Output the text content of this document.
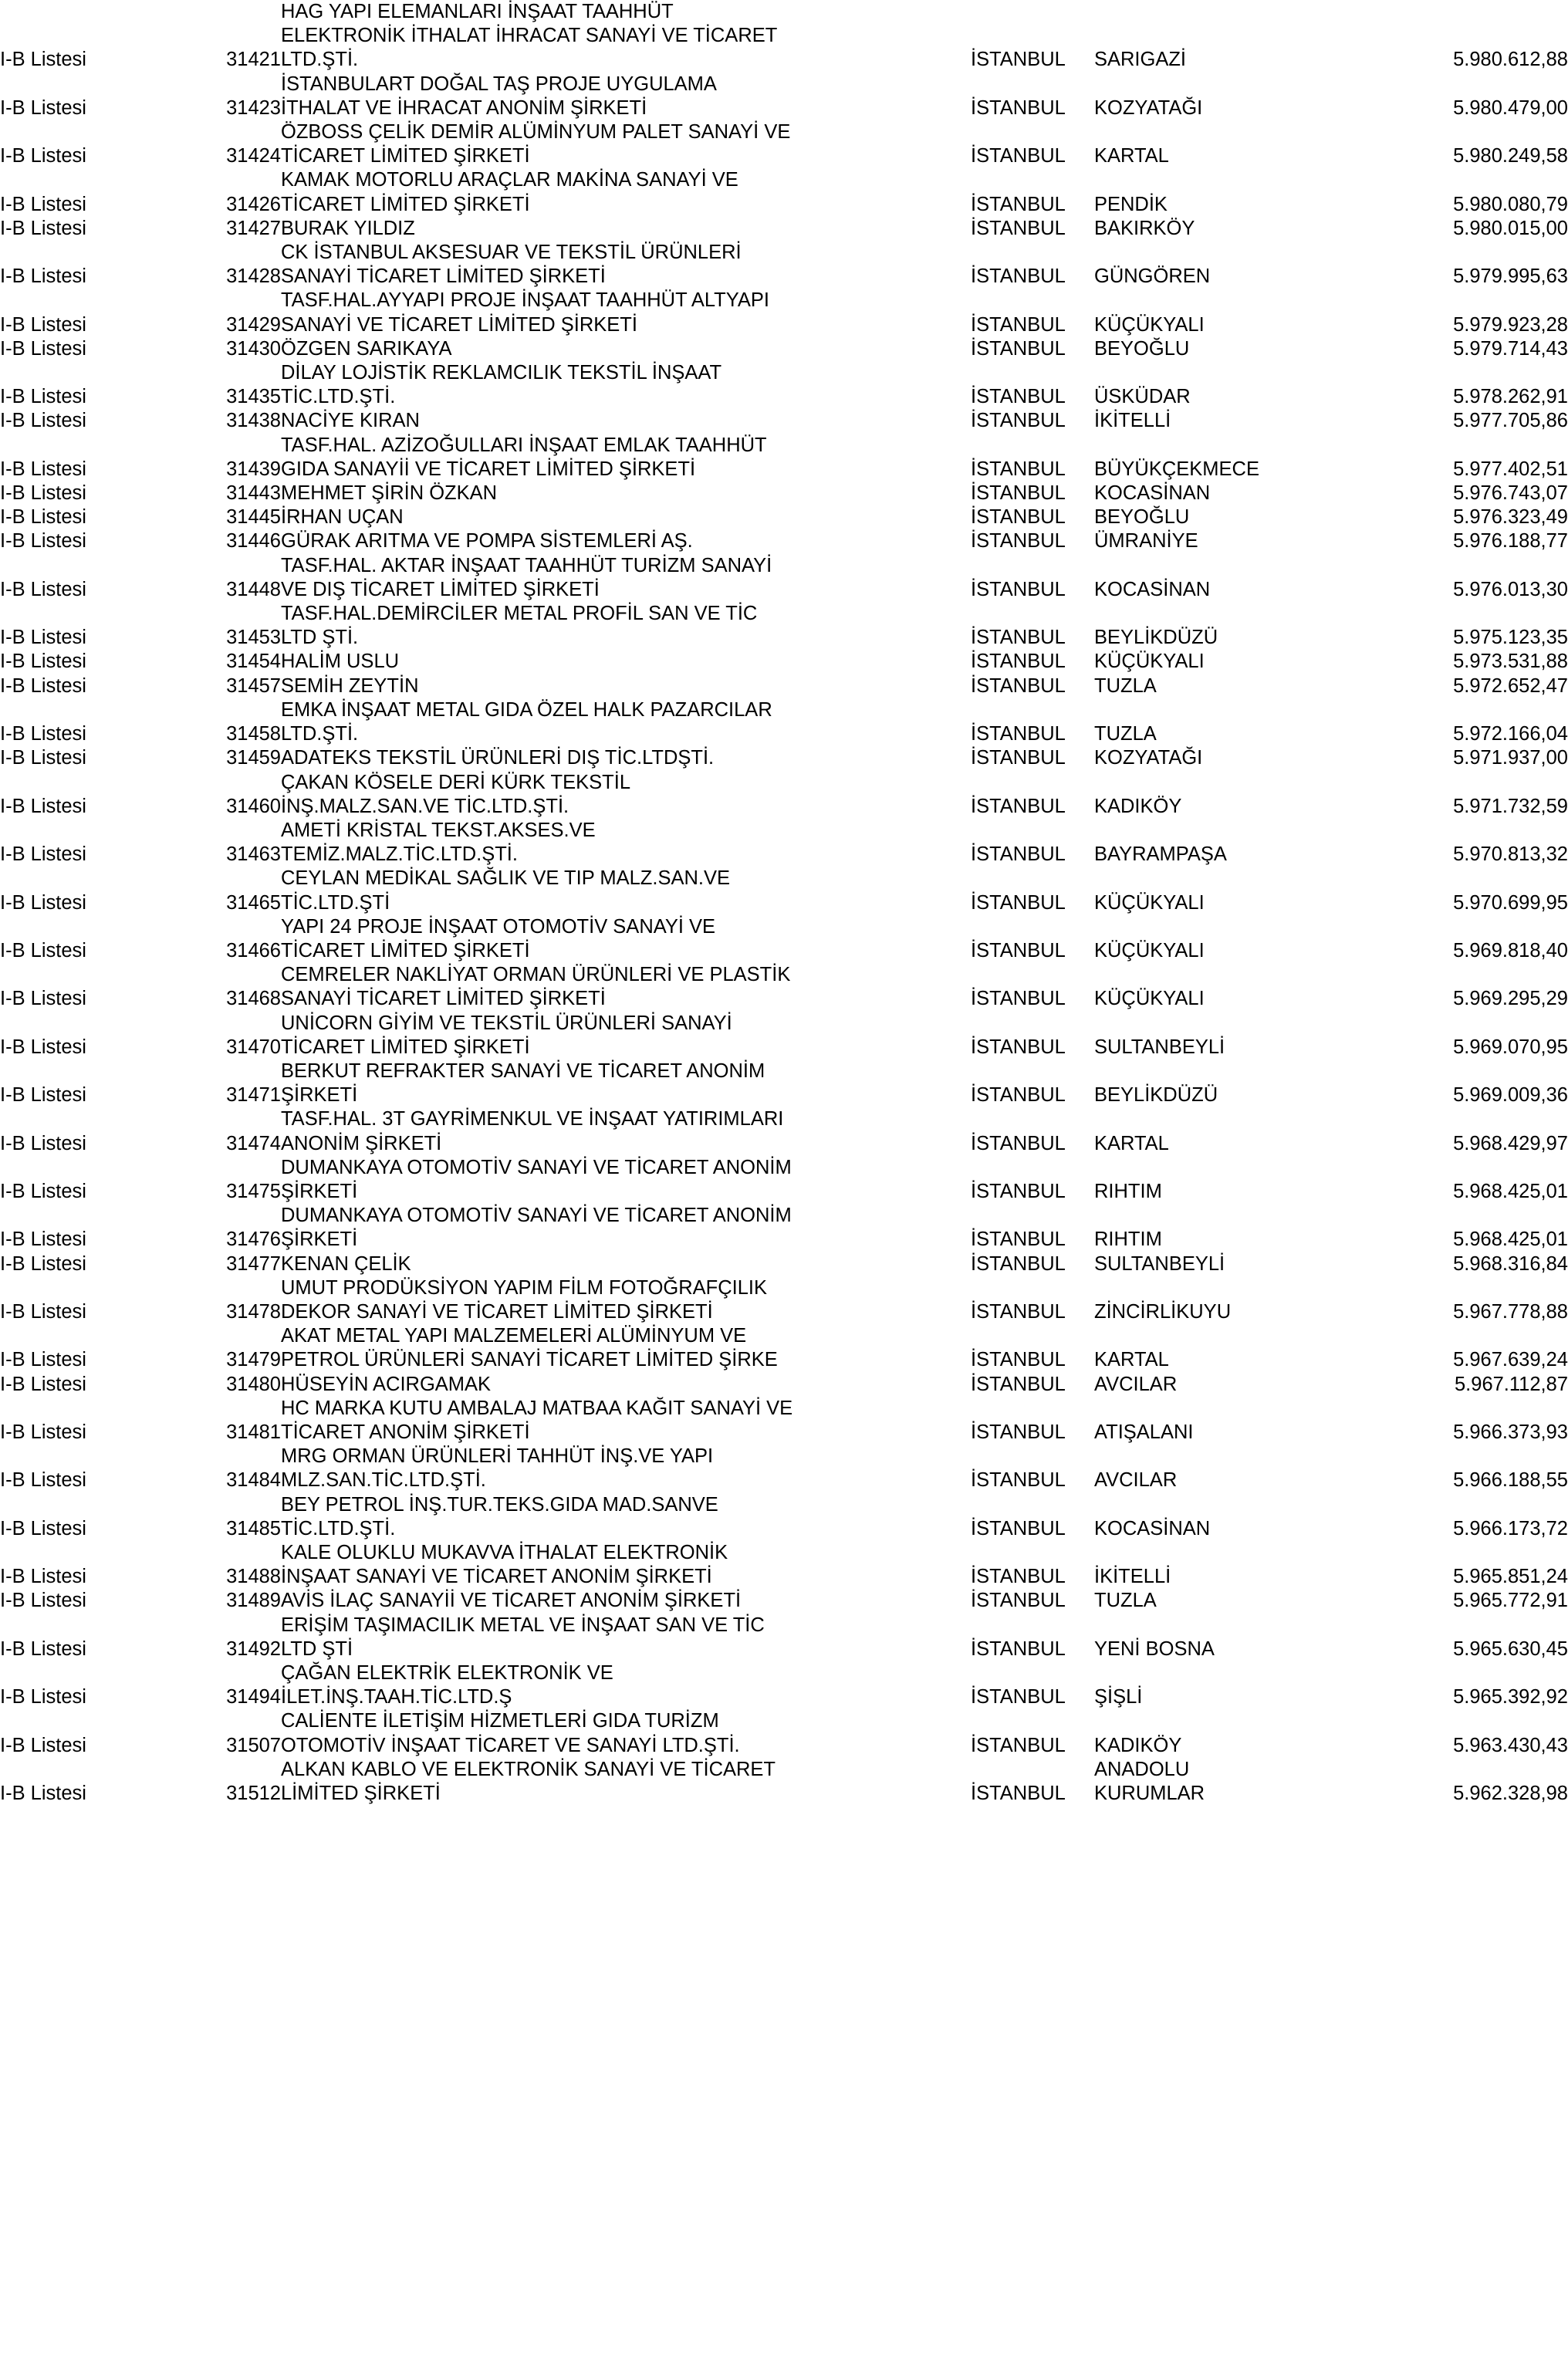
I-B Listesi	31421	HAG YAPI ELEMANLARI İNŞAAT TAAHHÜT
ELEKTRONİK İTHALAT İHRACAT SANAYİ VE TİCARET
LTD.ŞTİ.	İSTANBUL	SARIGAZİ	5.980.612,88
I-B Listesi	31423	İSTANBULART DOĞAL TAŞ PROJE UYGULAMA
İTHALAT VE İHRACAT ANONİM ŞİRKETİ	İSTANBUL	KOZYATAĞI	5.980.479,00
I-B Listesi	31424	ÖZBOSS ÇELİK DEMİR ALÜMİNYUM PALET SANAYİ VE
TİCARET LİMİTED ŞİRKETİ	İSTANBUL	KARTAL	5.980.249,58
I-B Listesi	31426	KAMAK MOTORLU ARAÇLAR MAKİNA SANAYİ VE
TİCARET LİMİTED ŞİRKETİ	İSTANBUL	PENDİK	5.980.080,79
I-B Listesi	31427	BURAK YILDIZ	İSTANBUL	BAKIRKÖY	5.980.015,00
I-B Listesi	31428	CK İSTANBUL AKSESUAR VE TEKSTİL ÜRÜNLERİ
SANAYİ TİCARET LİMİTED ŞİRKETİ	İSTANBUL	GÜNGÖREN	5.979.995,63
I-B Listesi	31429	TASF.HAL.AYYAPI PROJE İNŞAAT TAAHHÜT ALTYAPI
SANAYİ VE TİCARET LİMİTED ŞİRKETİ	İSTANBUL	KÜÇÜKYALI	5.979.923,28
I-B Listesi	31430	ÖZGEN SARIKAYA	İSTANBUL	BEYOĞLU	5.979.714,43
I-B Listesi	31435	DİLAY LOJİSTİK REKLAMCILIK TEKSTİL İNŞAAT
TİC.LTD.ŞTİ.	İSTANBUL	ÜSKÜDAR	5.978.262,91
I-B Listesi	31438	NACİYE KIRAN	İSTANBUL	İKİTELLİ	5.977.705,86
I-B Listesi	31439	TASF.HAL. AZİZOĞULLARI İNŞAAT EMLAK TAAHHÜT
GIDA SANAYİİ VE TİCARET LİMİTED ŞİRKETİ	İSTANBUL	BÜYÜKÇEKMECE	5.977.402,51
I-B Listesi	31443	MEHMET ŞİRİN ÖZKAN	İSTANBUL	KOCASİNAN	5.976.743,07
I-B Listesi	31445	İRHAN UÇAN	İSTANBUL	BEYOĞLU	5.976.323,49
I-B Listesi	31446	GÜRAK ARITMA VE POMPA SİSTEMLERİ AŞ.	İSTANBUL	ÜMRANİYE	5.976.188,77
I-B Listesi	31448	TASF.HAL. AKTAR İNŞAAT TAAHHÜT TURİZM SANAYİ
VE DIŞ TİCARET LİMİTED ŞİRKETİ	İSTANBUL	KOCASİNAN	5.976.013,30
I-B Listesi	31453	TASF.HAL.DEMİRCİLER METAL PROFİL SAN VE TİC
LTD ŞTİ.	İSTANBUL	BEYLİKDÜZÜ	5.975.123,35
I-B Listesi	31454	HALİM USLU	İSTANBUL	KÜÇÜKYALI	5.973.531,88
I-B Listesi	31457	SEMİH ZEYTİN	İSTANBUL	TUZLA	5.972.652,47
I-B Listesi	31458	EMKA İNŞAAT METAL GIDA ÖZEL HALK PAZARCILAR
LTD.ŞTİ.	İSTANBUL	TUZLA	5.972.166,04
I-B Listesi	31459	ADATEKS TEKSTİL ÜRÜNLERİ DIŞ TİC.LTDŞTİ.	İSTANBUL	KOZYATAĞI	5.971.937,00
I-B Listesi	31460	ÇAKAN KÖSELE DERİ KÜRK TEKSTİL
İNŞ.MALZ.SAN.VE TİC.LTD.ŞTİ.	İSTANBUL	KADIKÖY	5.971.732,59
I-B Listesi	31463	AMETİ KRİSTAL TEKST.AKSES.VE
TEMİZ.MALZ.TİC.LTD.ŞTİ.	İSTANBUL	BAYRAMPAŞA	5.970.813,32
I-B Listesi	31465	CEYLAN MEDİKAL SAĞLIK VE TIP MALZ.SAN.VE
TİC.LTD.ŞTİ	İSTANBUL	KÜÇÜKYALI	5.970.699,95
I-B Listesi	31466	YAPI 24 PROJE İNŞAAT OTOMOTİV SANAYİ VE
TİCARET LİMİTED ŞİRKETİ	İSTANBUL	KÜÇÜKYALI	5.969.818,40
I-B Listesi	31468	CEMRELER NAKLİYAT ORMAN ÜRÜNLERİ VE PLASTİK
SANAYİ TİCARET LİMİTED ŞİRKETİ	İSTANBUL	KÜÇÜKYALI	5.969.295,29
I-B Listesi	31470	UNİCORN GİYİM VE TEKSTİL ÜRÜNLERİ SANAYİ
TİCARET LİMİTED ŞİRKETİ	İSTANBUL	SULTANBEYLİ	5.969.070,95
I-B Listesi	31471	BERKUT REFRAKTER SANAYİ VE TİCARET ANONİM
ŞİRKETİ	İSTANBUL	BEYLİKDÜZÜ	5.969.009,36
I-B Listesi	31474	TASF.HAL. 3T GAYRİMENKUL VE İNŞAAT YATIRIMLARI
ANONİM ŞİRKETİ	İSTANBUL	KARTAL	5.968.429,97
I-B Listesi	31475	DUMANKAYA OTOMOTİV SANAYİ VE TİCARET ANONİM
ŞİRKETİ	İSTANBUL	RIHTIM	5.968.425,01
I-B Listesi	31476	DUMANKAYA OTOMOTİV SANAYİ VE TİCARET ANONİM
ŞİRKETİ	İSTANBUL	RIHTIM	5.968.425,01
I-B Listesi	31477	KENAN ÇELİK	İSTANBUL	SULTANBEYLİ	5.968.316,84
I-B Listesi	31478	UMUT PRODÜKSİYON YAPIM FİLM FOTOĞRAFÇILIK
DEKOR SANAYİ VE TİCARET LİMİTED ŞİRKETİ	İSTANBUL	ZİNCİRLİKUYU	5.967.778,88
I-B Listesi	31479	AKAT METAL YAPI MALZEMELERİ ALÜMİNYUM VE
PETROL ÜRÜNLERİ SANAYİ TİCARET LİMİTED ŞİRKE	İSTANBUL	KARTAL	5.967.639,24
I-B Listesi	31480	HÜSEYİN ACIRGAMAK	İSTANBUL	AVCILAR	5.967.112,87
I-B Listesi	31481	HC MARKA KUTU AMBALAJ MATBAA KAĞIT SANAYİ VE
TİCARET ANONİM ŞİRKETİ	İSTANBUL	ATIŞALANI	5.966.373,93
I-B Listesi	31484	MRG ORMAN ÜRÜNLERİ TAHHÜT İNŞ.VE YAPI
MLZ.SAN.TİC.LTD.ŞTİ.	İSTANBUL	AVCILAR	5.966.188,55
I-B Listesi	31485	BEY PETROL İNŞ.TUR.TEKS.GIDA MAD.SANVE
TİC.LTD.ŞTİ.	İSTANBUL	KOCASİNAN	5.966.173,72
I-B Listesi	31488	KALE OLUKLU MUKAVVA İTHALAT ELEKTRONİK
İNŞAAT SANAYİ VE TİCARET ANONİM ŞİRKETİ	İSTANBUL	İKİTELLİ	5.965.851,24
I-B Listesi	31489	AVİS İLAÇ SANAYİİ VE TİCARET ANONİM ŞİRKETİ	İSTANBUL	TUZLA	5.965.772,91
I-B Listesi	31492	ERİŞİM TAŞIMACILIK METAL VE İNŞAAT SAN VE TİC
LTD ŞTİ	İSTANBUL	YENİ BOSNA	5.965.630,45
I-B Listesi	31494	ÇAĞAN ELEKTRİK ELEKTRONİK VE
İLET.İNŞ.TAAH.TİC.LTD.Ş	İSTANBUL	ŞİŞLİ	5.965.392,92
I-B Listesi	31507	CALİENTE İLETİŞİM HİZMETLERİ GIDA TURİZM
OTOMOTİV İNŞAAT TİCARET VE SANAYİ LTD.ŞTİ.	İSTANBUL	KADIKÖY	5.963.430,43
I-B Listesi	31512	ALKAN KABLO VE ELEKTRONİK SANAYİ VE TİCARET
LİMİTED ŞİRKETİ	İSTANBUL	ANADOLU
KURUMLAR	5.962.328,98
